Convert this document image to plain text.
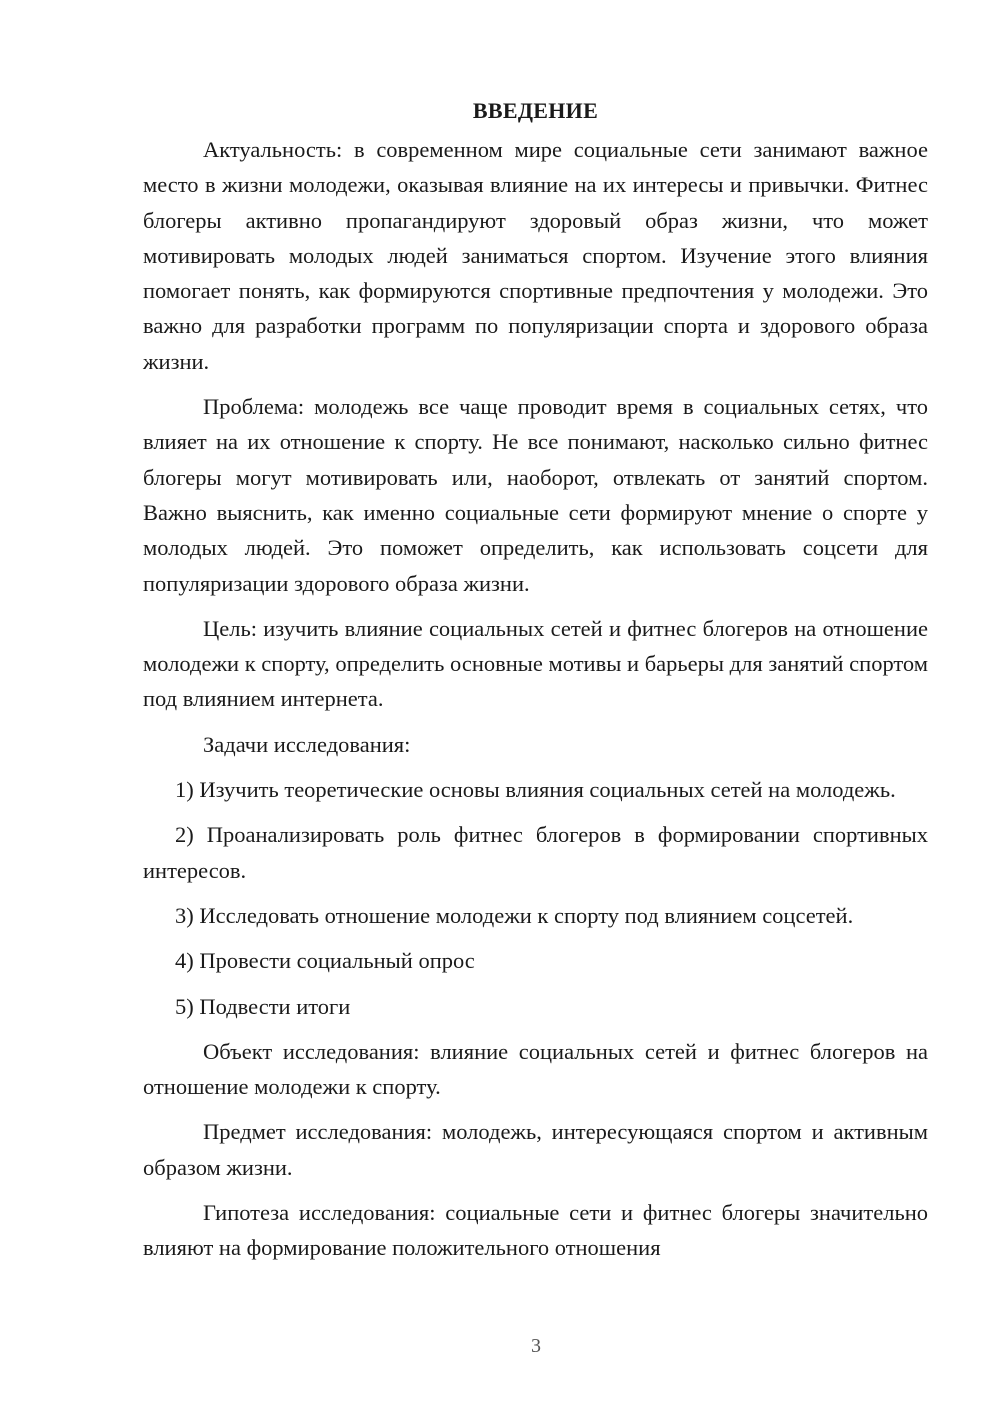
ВВЕДЕНИЕ

Актуальность: в современном мире социальные сети занимают важное место в жизни молодежи, оказывая влияние на их интересы и привычки. Фитнес блогеры активно пропагандируют здоровый образ жизни, что может мотивировать молодых людей заниматься спортом. Изучение этого влияния помогает понять, как формируются спортивные предпочтения у молодежи. Это важно для разработки программ по популяризации спорта и здорового образа жизни.

Проблема: молодежь все чаще проводит время в социальных сетях, что влияет на их отношение к спорту. Не все понимают, насколько сильно фитнес блогеры могут мотивировать или, наоборот, отвлекать от занятий спортом. Важно выяснить, как именно социальные сети формируют мнение о спорте у молодых людей. Это поможет определить, как использовать соцсети для популяризации здорового образа жизни.

Цель: изучить влияние социальных сетей и фитнес блогеров на отношение молодежи к спорту, определить основные мотивы и барьеры для занятий спортом под влиянием интернета.

Задачи исследования:

1) Изучить теоретические основы влияния социальных сетей на молодежь.

2) Проанализировать роль фитнес блогеров в формировании спортивных интересов.

3) Исследовать отношение молодежи к спорту под влиянием соцсетей.

4) Провести социальный опрос

5) Подвести итоги

Объект исследования: влияние социальных сетей и фитнес блогеров на отношение молодежи к спорту.

Предмет исследования: молодежь, интересующаяся спортом и активным образом жизни.

Гипотеза исследования: социальные сети и фитнес блогеры значительно влияют на формирование положительного отношения

3
